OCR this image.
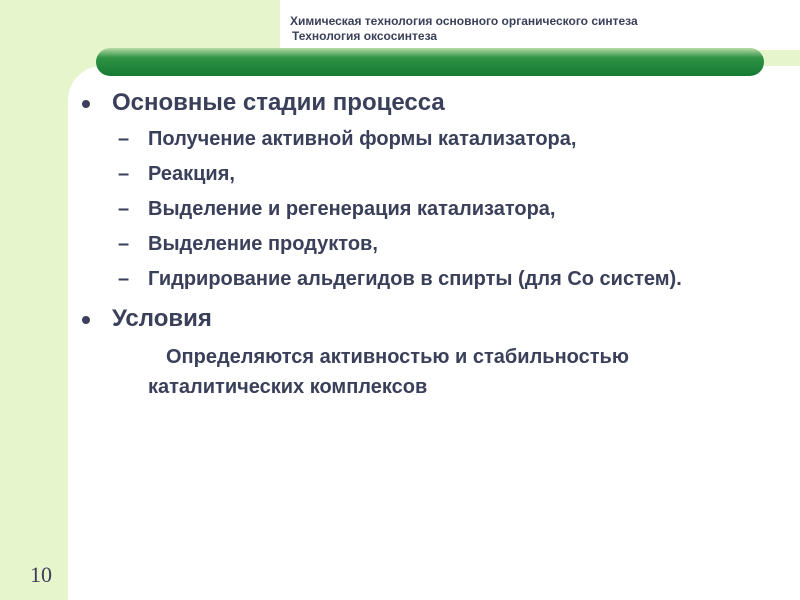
Химическая технология основного органического синтеза
Технология оксосинтеза
Основные стадии процесса
– Получение активной формы катализатора,
– Реакция,
– Выделение и регенерация катализатора,
– Выделение продуктов,
– Гидрирование альдегидов в спирты (для Со систем).
Условия
Определяются активностью и стабильностью каталитических комплексов
10
